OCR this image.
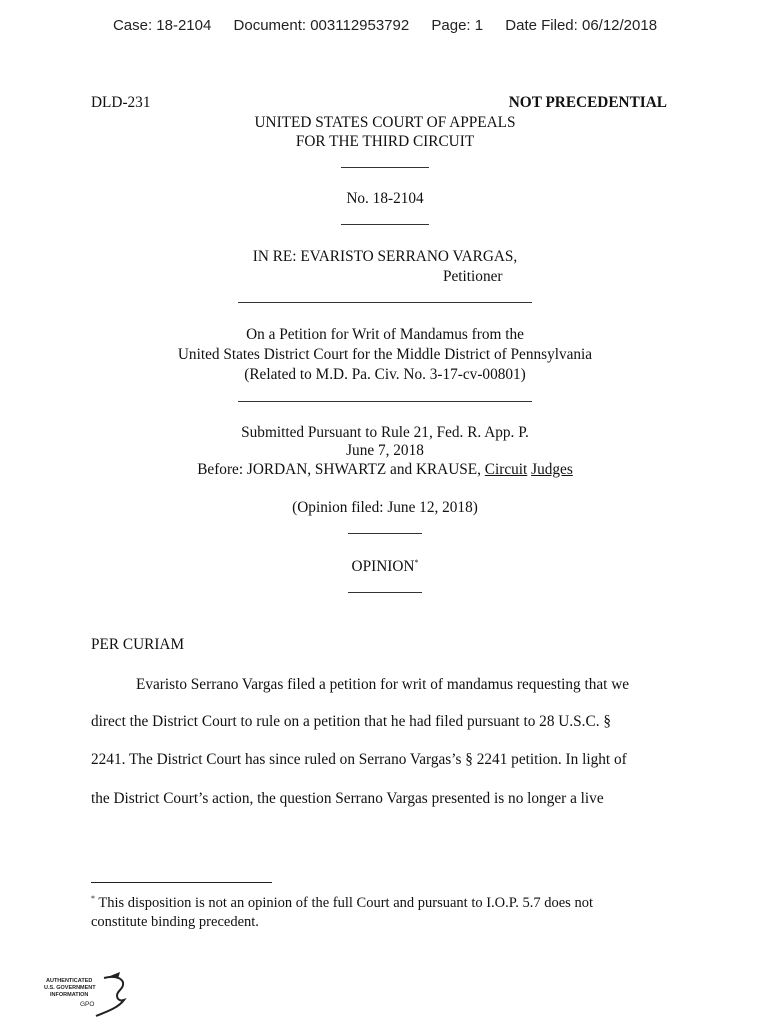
Case: 18-2104 Document: 003112953792 Page: 1 Date Filed: 06/12/2018
DLD-231	NOT PRECEDENTIAL
UNITED STATES COURT OF APPEALS
FOR THE THIRD CIRCUIT
No. 18-2104
IN RE: EVARISTO SERRANO VARGAS,
Petitioner
On a Petition for Writ of Mandamus from the
United States District Court for the Middle District of Pennsylvania
(Related to M.D. Pa. Civ. No. 3-17-cv-00801)
Submitted Pursuant to Rule 21, Fed. R. App. P.
June 7, 2018
Before: JORDAN, SHWARTZ and KRAUSE, Circuit Judges
(Opinion filed: June 12, 2018)
OPINION*
PER CURIAM
Evaristo Serrano Vargas filed a petition for writ of mandamus requesting that we
direct the District Court to rule on a petition that he had filed pursuant to 28 U.S.C. §
2241. The District Court has since ruled on Serrano Vargas’s § 2241 petition. In light of
the District Court’s action, the question Serrano Vargas presented is no longer a live
* This disposition is not an opinion of the full Court and pursuant to I.O.P. 5.7 does not
constitute binding precedent.
AUTHENTICATED
U.S. GOVERNMENT
INFORMATION
GPO
